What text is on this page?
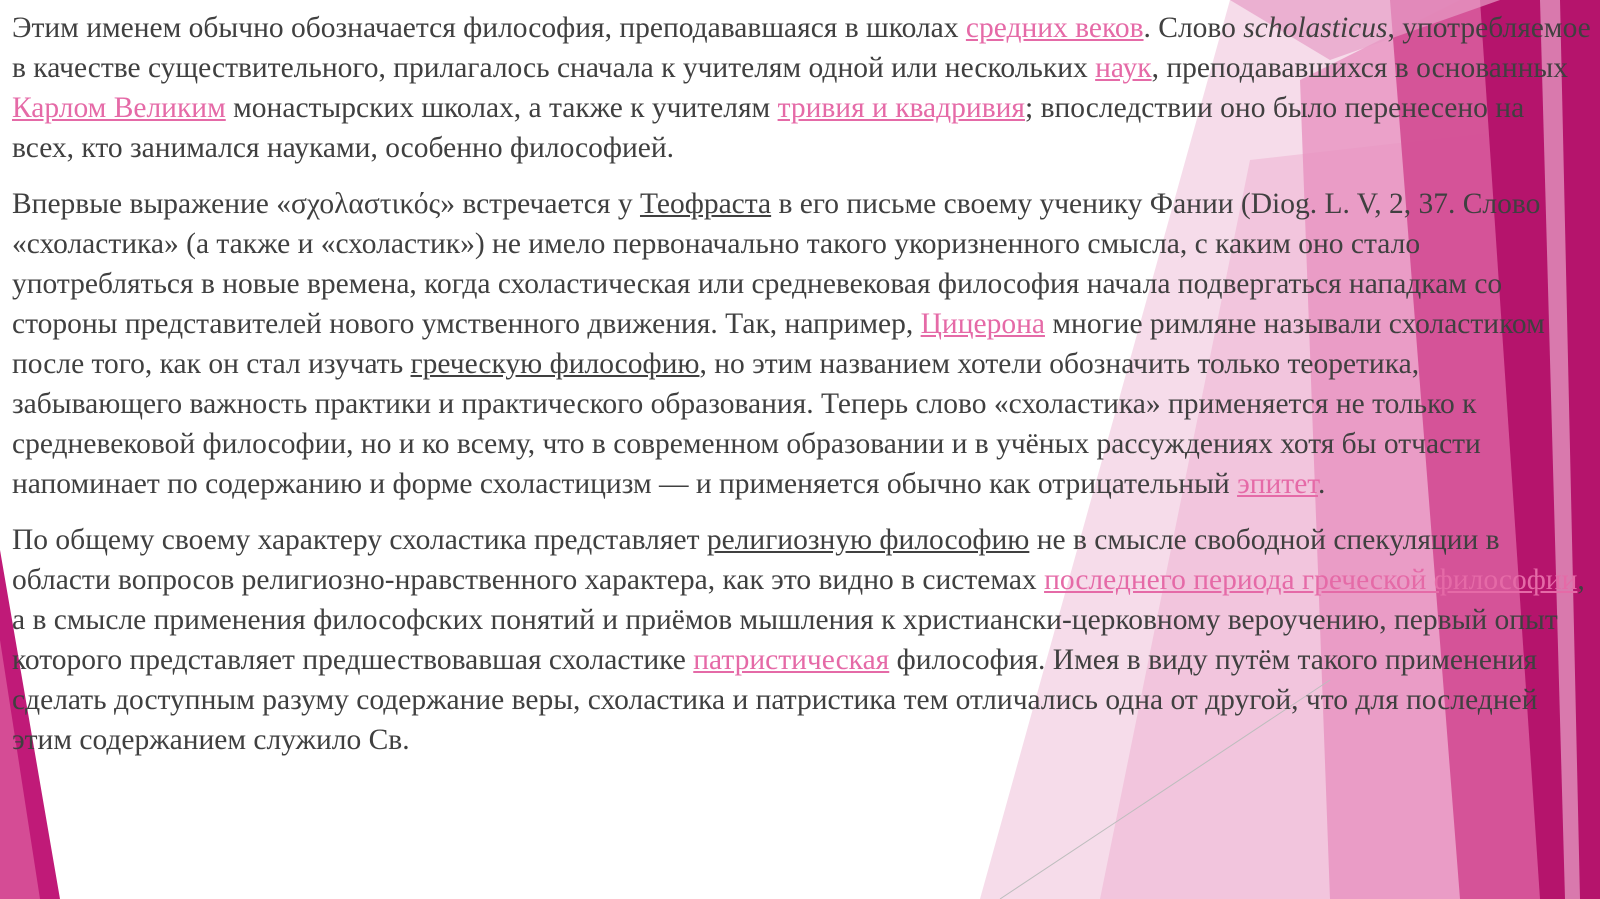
Этим именем обычно обозначается философия, преподававшаяся в школах средних веков. Слово scholasticus, употребляемое в качестве существительного, прилагалось сначала к учителям одной или нескольких наук, преподававшихся в основанных Карлом Великим монастырских школах, а также к учителям тривия и квадривия; впоследствии оно было перенесено на всех, кто занимался науками, особенно философией.

Впервые выражение «σχολαστικός» встречается у Теофраста в его письме своему ученику Фании (Diog. L. V, 2, 37. Слово «схоластика» (а также и «схоластик») не имело первоначально такого укоризненного смысла, с каким оно стало употребляться в новые времена, когда схоластическая или средневековая философия начала подвергаться нападкам со стороны представителей нового умственного движения. Так, например, Цицерона многие римляне называли схоластиком после того, как он стал изучать греческую философию, но этим названием хотели обозначить только теоретика, забывающего важность практики и практического образования. Теперь слово «схоластика» применяется не только к средневековой философии, но и ко всему, что в современном образовании и в учёных рассуждениях хотя бы отчасти напоминает по содержанию и форме схоластицизм — и применяется обычно как отрицательный эпитет.

По общему своему характеру схоластика представляет религиозную философию не в смысле свободной спекуляции в области вопросов религиозно-нравственного характера, как это видно в системах последнего периода греческой философии, а в смысле применения философских понятий и приёмов мышления к христиански-церковному вероучению, первый опыт которого представляет предшествовавшая схоластике патристическая философия. Имея в виду путём такого применения сделать доступным разуму содержание веры, схоластика и патристика тем отличались одна от другой, что для последней этим содержанием служило Св.
